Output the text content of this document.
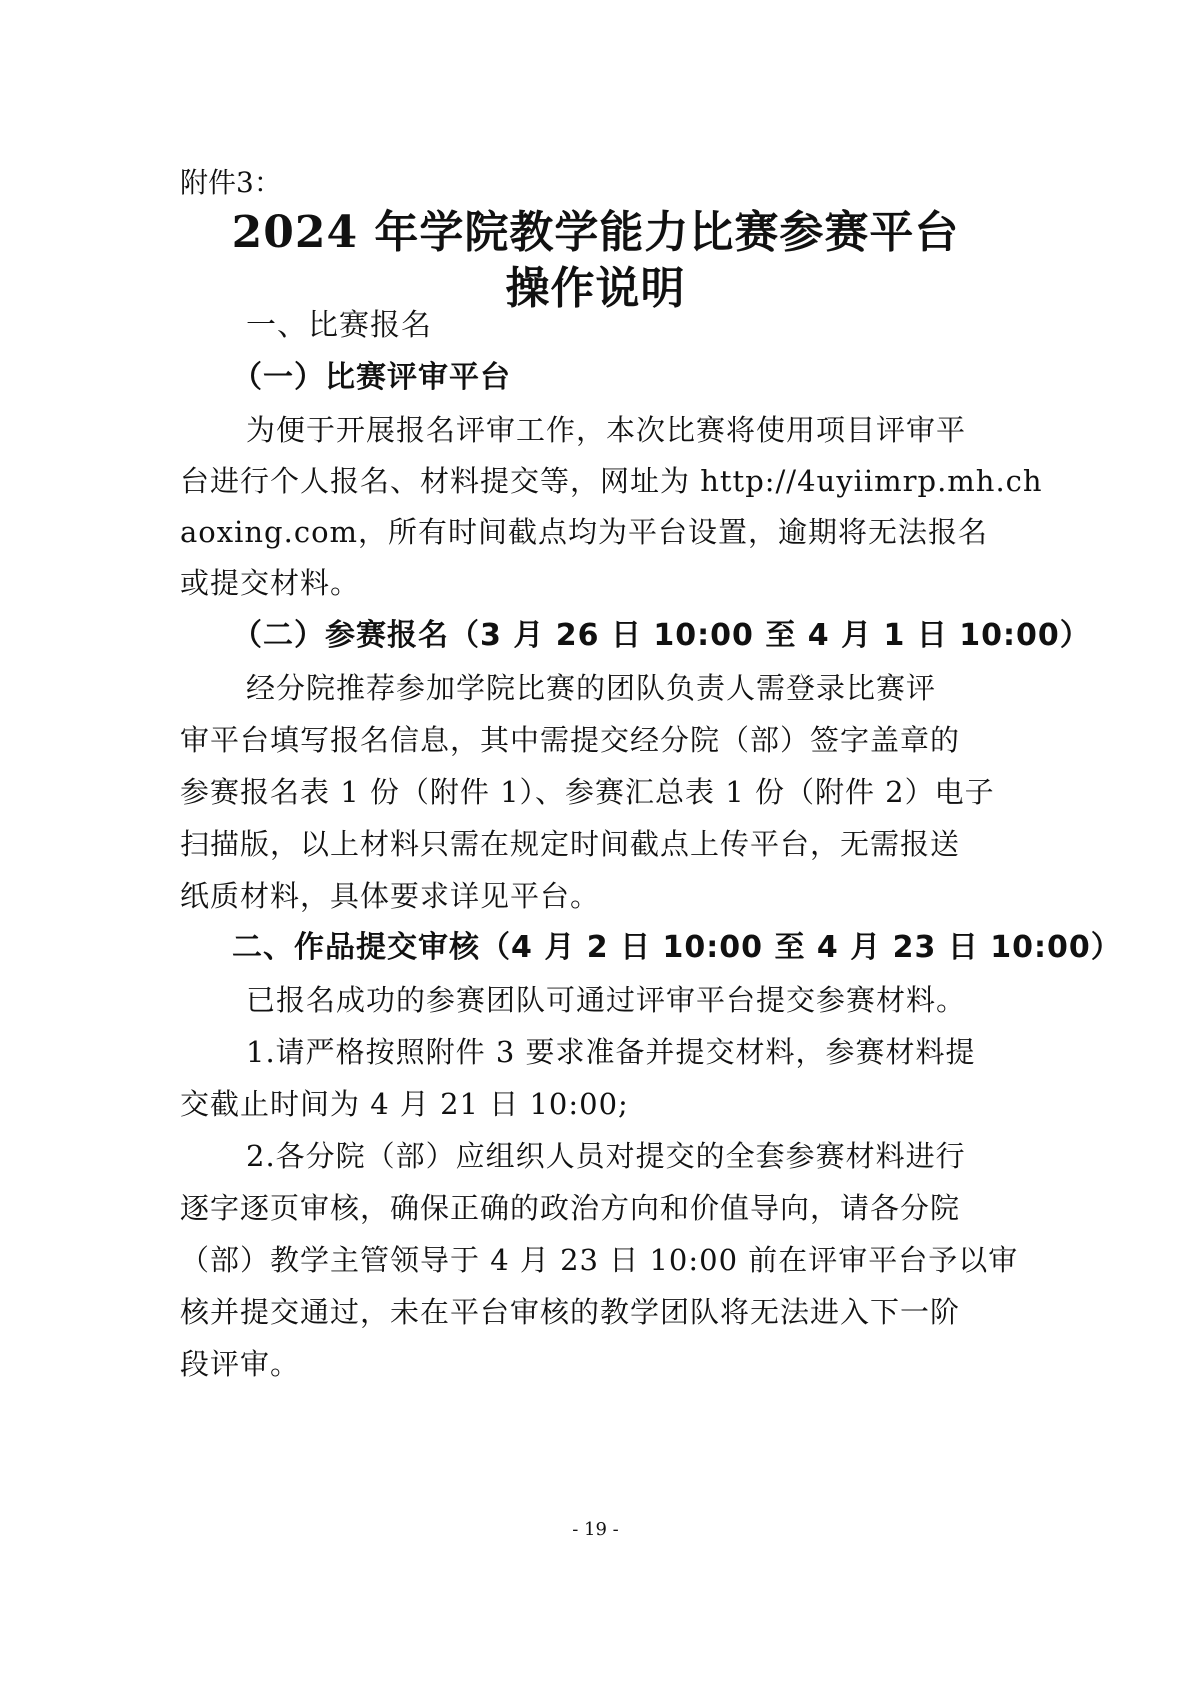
附件3：
2024 年学院教学能力比赛参赛平台
操作说明
一、比赛报名
（一）比赛评审平台
为便于开展报名评审工作，本次比赛将使用项目评审平
台进行个人报名、材料提交等，网址为 http://4uyiimrp.mh.ch
aoxing.com，所有时间截点均为平台设置，逾期将无法报名
或提交材料。
（二）参赛报名（3 月 26 日 10:00 至 4 月 1 日 10:00）
经分院推荐参加学院比赛的团队负责人需登录比赛评
审平台填写报名信息，其中需提交经分院（部）签字盖章的
参赛报名表 1 份（附件 1）、参赛汇总表 1 份（附件 2）电子
扫描版，以上材料只需在规定时间截点上传平台，无需报送
纸质材料，具体要求详见平台。
二、作品提交审核（4 月 2 日 10:00 至 4 月 23 日 10:00）
已报名成功的参赛团队可通过评审平台提交参赛材料。
1.请严格按照附件 3 要求准备并提交材料，参赛材料提
交截止时间为 4 月 21 日 10:00;
2.各分院（部）应组织人员对提交的全套参赛材料进行
逐字逐页审核，确保正确的政治方向和价值导向，请各分院
（部）教学主管领导于 4 月 23 日 10:00 前在评审平台予以审
核并提交通过，未在平台审核的教学团队将无法进入下一阶
段评审。
- 19 -
